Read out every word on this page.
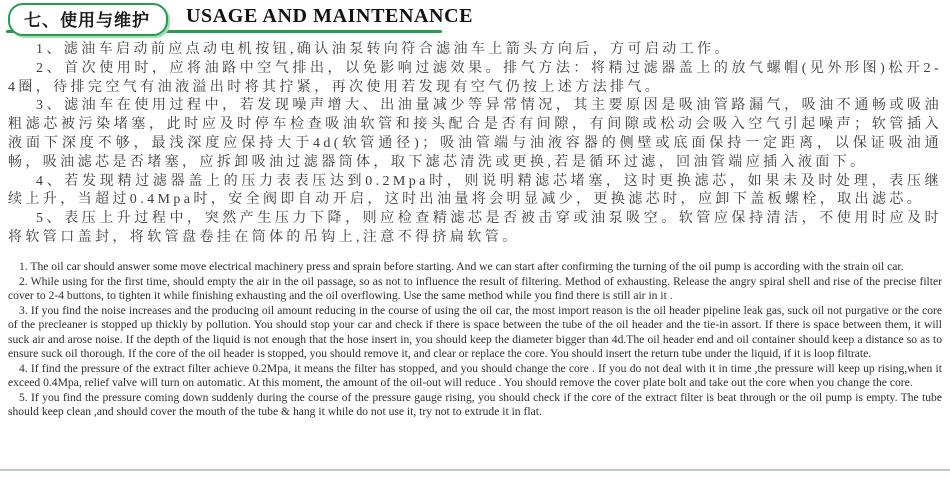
七、使用与维护 USAGE AND MAINTENANCE

1、滤油车启动前应点动电机按钮,确认油泵转向符合滤油车上箭头方向后，方可启动工作。

2、首次使用时，应将油路中空气排出，以免影响过滤效果。排气方法：将精过滤器盖上的放气螺帽(见外形图)松开2-4圈，待排完空气有油液溢出时将其拧紧，再次使用若发现有空气仍按上述方法排气。

3、滤油车在使用过程中，若发现噪声增大、出油量减少等异常情况，其主要原因是吸油管路漏气，吸油不通畅或吸油粗滤芯被污染堵塞，此时应及时停车检查吸油软管和接头配合是否有间隙，有间隙或松动会吸入空气引起噪声；软管插入液面下深度不够，最浅深度应保持大于4d(软管通径)；吸油管端与油液容器的侧壁或底面保持一定距离，以保证吸油通畅，吸油滤芯是否堵塞，应拆卸吸油过滤器筒体，取下滤芯清洗或更换,若是循环过滤，回油管端应插入液面下。

4、若发现精过滤器盖上的压力表表压达到0.2Mpa时，则说明精滤芯堵塞，这时更换滤芯，如果未及时处理，表压继续上升，当超过0.4Mpa时，安全阀即自动开启，这时出油量将会明显减少，更换滤芯时，应卸下盖板螺栓，取出滤芯。

5、表压上升过程中，突然产生压力下降，则应检查精滤芯是否被击穿或油泵吸空。软管应保持清洁，不使用时应及时将软管口盖封，将软管盘卷挂在筒体的吊钩上,注意不得挤扁软管。

1. The oil car should answer some move electrical machinery press and sprain before starting. And we can start after confirming the turning of the oil pump is according with the strain oil car.

2. While using for the first time, should empty the air in the oil passage, so as not to influence the result of filtering. Method of exhausting. Release the angry spiral shell and rise of the precise filter cover to 2-4 buttons, to tighten it while finishing exhausting and the oil overflowing. Use the same method while you find there is still air in it .

3. If you find the noise increases and the producing oil amount reducing in the course of using the oil car, the most import reason is the oil header pipeline leak gas, suck oil not purgative or the core of the precleaner is stopped up thickly by pollution. You should stop your car and check if there is space between the tube of the oil header and the tie-in assort. If there is space between them, it will suck air and arose noise. If the depth of the liquid is not enough that the hose insert in, you should keep the diameter bigger than 4d.The oil header end and oil container should keep a distance so as to ensure suck oil thorough. If the core of the oil header is stopped, you should remove it, and clear or replace the core. You should insert the return tube under the liquid, if it is loop filtrate.

4. If find the pressure of the extract filter achieve 0.2Mpa, it means the filter has stopped, and you should change the core . If you do not deal with it in time ,the pressure will keep up rising,when it exceed 0.4Mpa, relief valve will turn on automatic. At this moment, the amount of the oil-out will reduce . You should remove the cover plate bolt and take out the core when you change the core.

5. If you find the pressure coming down suddenly during the course of the pressure gauge rising, you should check if the core of the extract filter is beat through or the oil pump is empty. The tube should keep clean ,and should cover the mouth of the tube & hang it while do not use it, try not to extrude it in flat.
